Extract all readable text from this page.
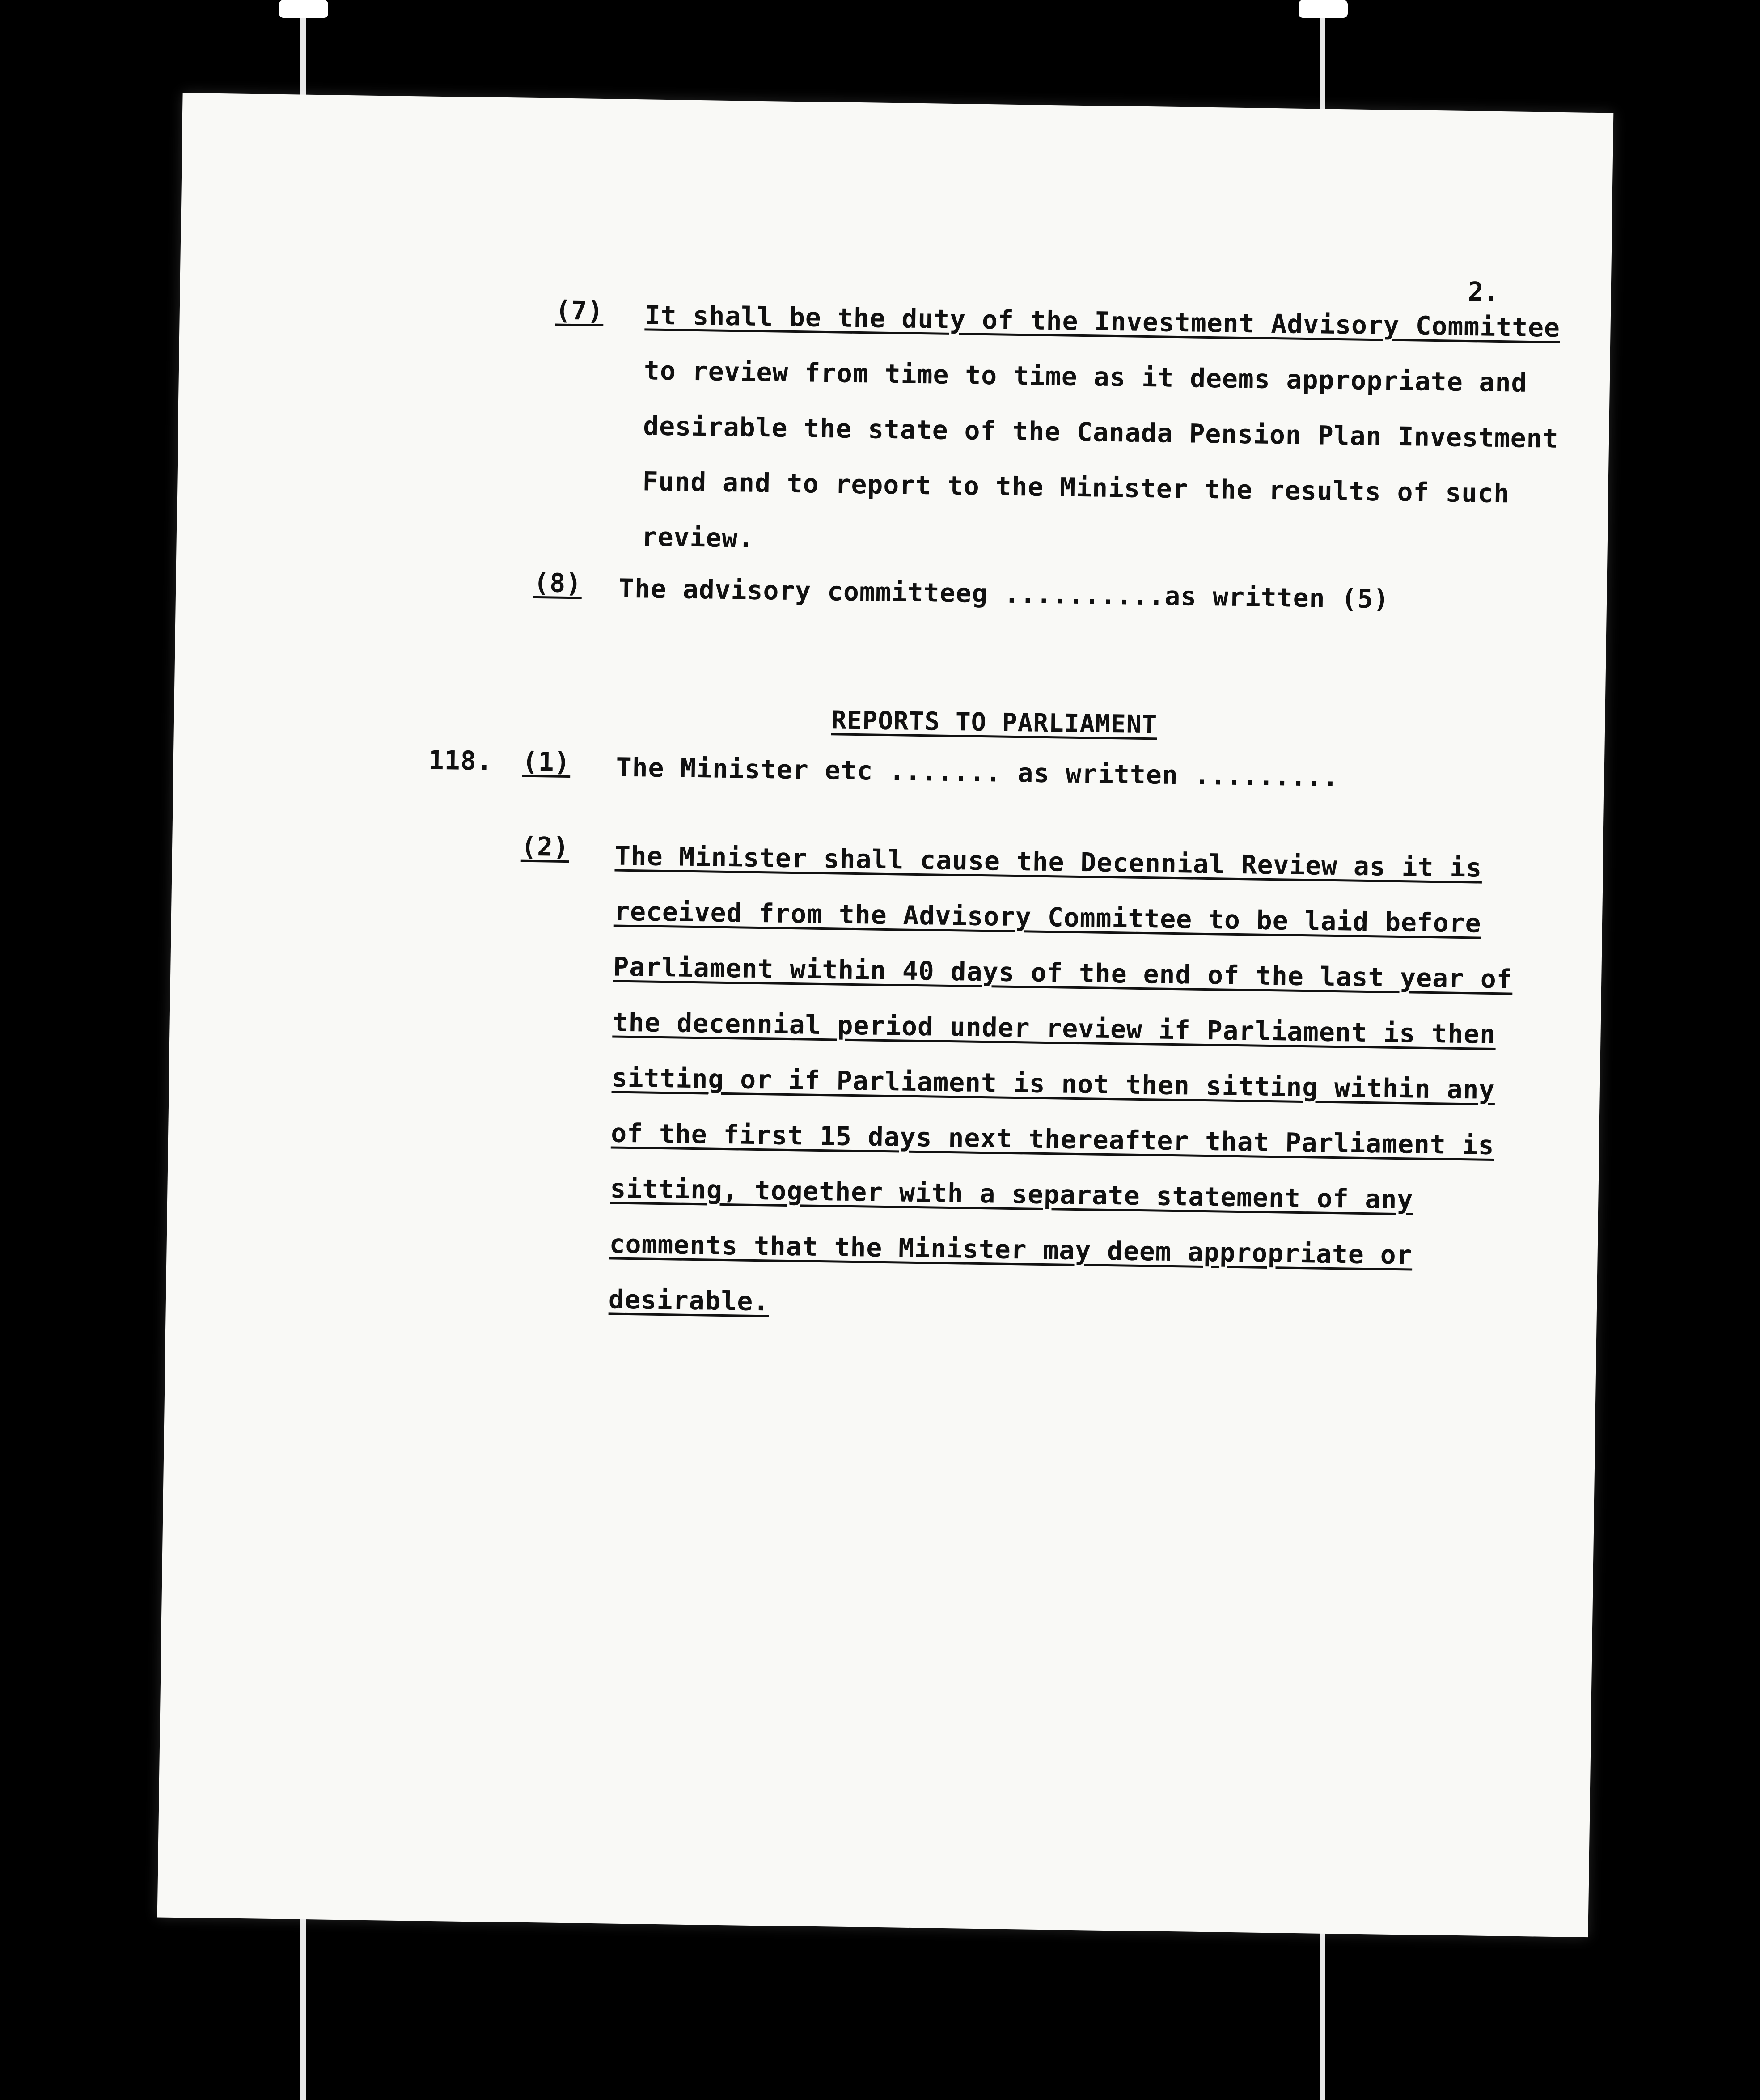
2.
(7) It shall be the duty of the Investment Advisory Committee
to review from time to time as it deems appropriate and
desirable the state of the Canada Pension Plan Investment
Fund and to report to the Minister the results of such
review.
(8) The advisory committeeg ..........as written (5)
REPORTS TO PARLIAMENT
118. (1) The Minister etc ....... as written .........
(2) The Minister shall cause the Decennial Review as it is
received from the Advisory Committee to be laid before
Parliament within 40 days of the end of the last year of
the decennial period under review if Parliament is then
sitting or if Parliament is not then sitting within any
of the first 15 days next thereafter that Parliament is
sitting, together with a separate statement of any
comments that the Minister may deem appropriate or
desirable.
